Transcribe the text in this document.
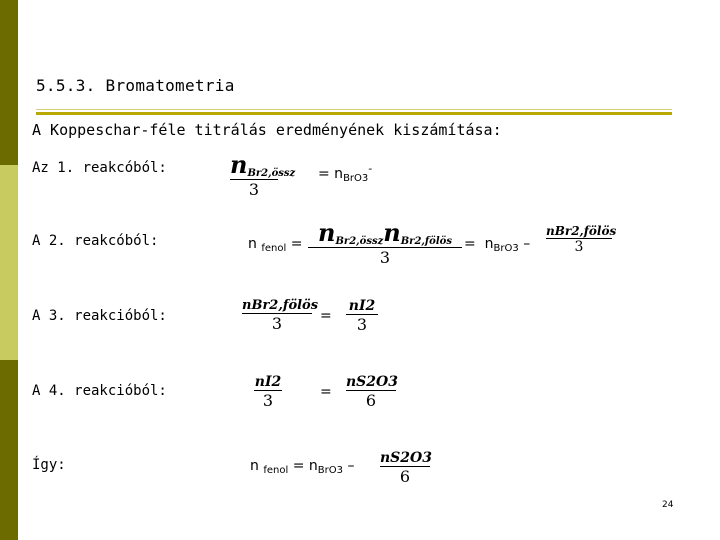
5.5.3. Bromatometria
A Koppeschar-féle titrálás eredményének kiszámítása:
Az 1. reakcóból:
A 2. reakcóból:
A 3. reakcióból:
A 4. reakcióból:
Így:
$n_{Br2,össz}$
3
= $n_{BrO3}^-$
n $_{fenol} = n_{Br2,össz}n_{Br2,fölös}$
3
= $n_{BrO3}$ –
nBr2,fölös
3
nBr2,fölös
3	=
nI2
3
nI2
3	=
nS2O3
6
n $_{fenol} = n_{BrO3} - nS2O3$
6
24
